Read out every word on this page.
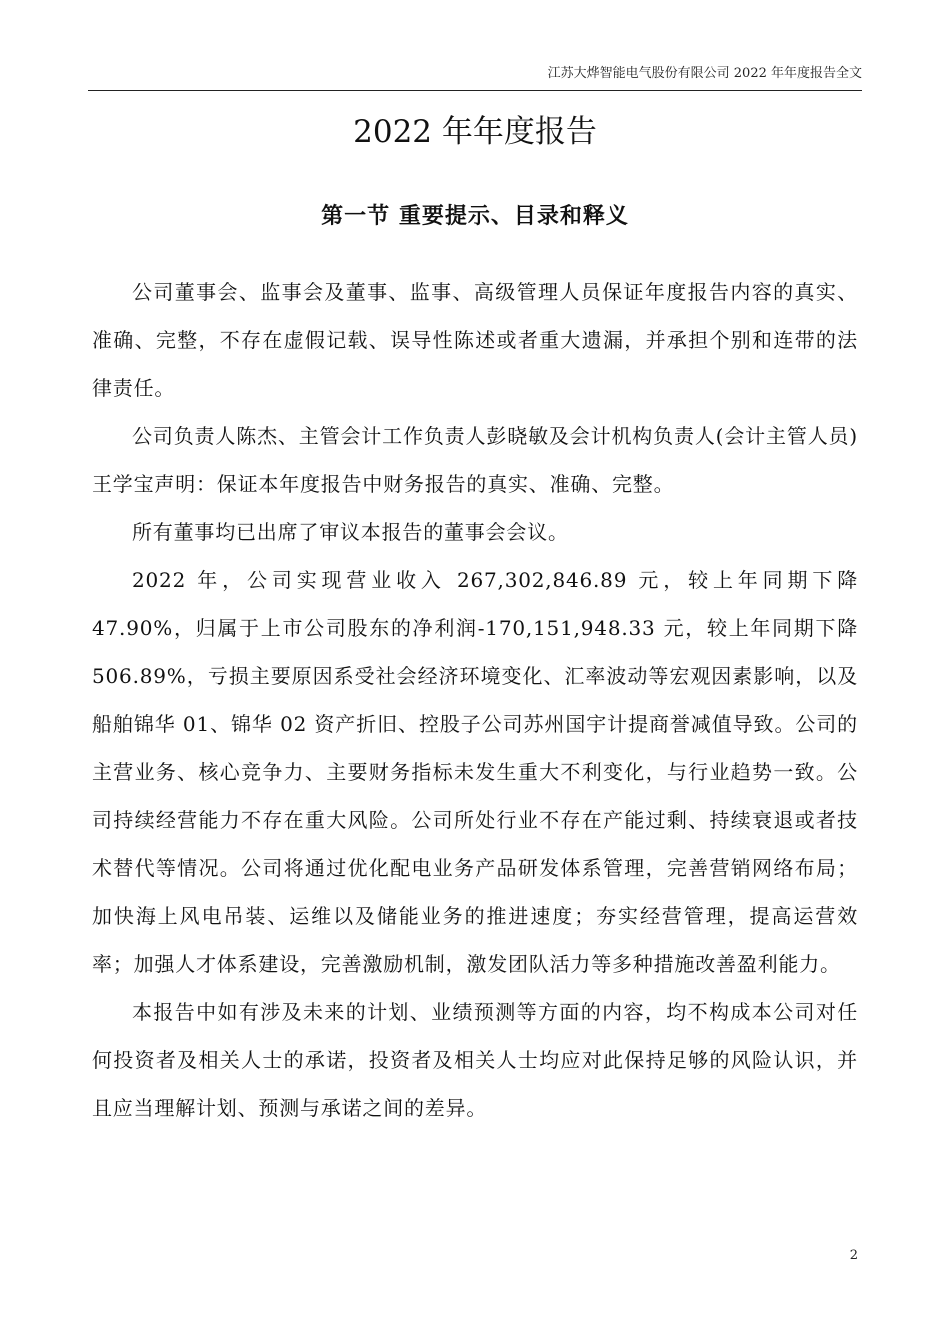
江苏大烨智能电气股份有限公司 2022 年年度报告全文
2022 年年度报告
第一节 重要提示、目录和释义

公司董事会、监事会及董事、监事、高级管理人员保证年度报告内容的真实、准确、完整，不存在虚假记载、误导性陈述或者重大遗漏，并承担个别和连带的法律责任。

公司负责人陈杰、主管会计工作负责人彭晓敏及会计机构负责人(会计主管人员)王学宝声明：保证本年度报告中财务报告的真实、准确、完整。

所有董事均已出席了审议本报告的董事会会议。

2022 年，公司实现营业收入 267,302,846.89 元，较上年同期下降 47.90%，归属于上市公司股东的净利润-170,151,948.33 元，较上年同期下降 506.89%，亏损主要原因系受社会经济环境变化、汇率波动等宏观因素影响，以及船舶锦华 01、锦华 02 资产折旧、控股子公司苏州国宇计提商誉减值导致。公司的主营业务、核心竞争力、主要财务指标未发生重大不利变化，与行业趋势一致。公司持续经营能力不存在重大风险。公司所处行业不存在产能过剩、持续衰退或者技术替代等情况。公司将通过优化配电业务产品研发体系管理，完善营销网络布局；加快海上风电吊装、运维以及储能业务的推进速度；夯实经营管理，提高运营效率；加强人才体系建设，完善激励机制，激发团队活力等多种措施改善盈利能力。

本报告中如有涉及未来的计划、业绩预测等方面的内容，均不构成本公司对任何投资者及相关人士的承诺，投资者及相关人士均应对此保持足够的风险认识，并且应当理解计划、预测与承诺之间的差异。

2
